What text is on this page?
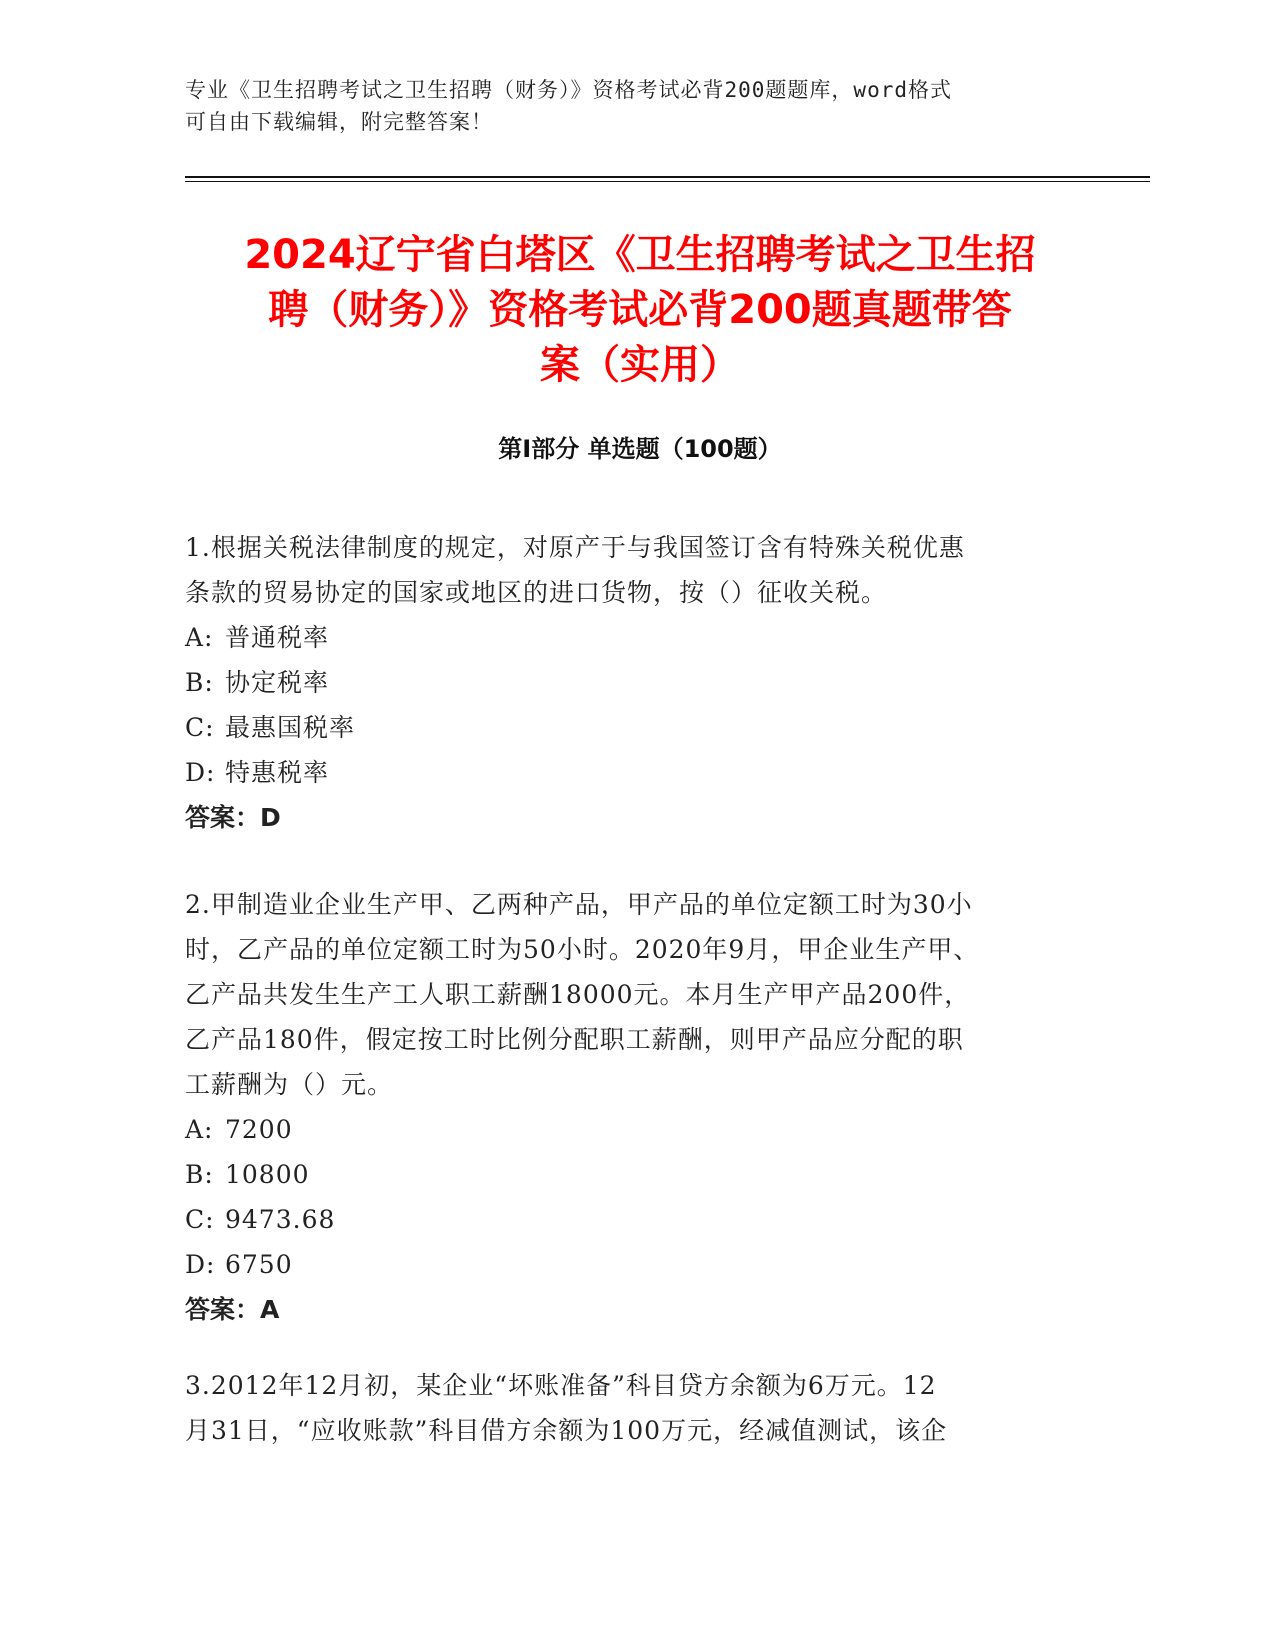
专业《卫生招聘考试之卫生招聘（财务）》资格考试必背200题题库，word格式
可自由下载编辑，附完整答案！
2024辽宁省白塔区《卫生招聘考试之卫生招
聘（财务）》资格考试必背200题真题带答
案（实用）
第I部分 单选题（100题）

1.根据关税法律制度的规定，对原产于与我国签订含有特殊关税优惠

条款的贸易协定的国家或地区的进口货物，按（）征收关税。

A: 普通税率

B: 协定税率

C: 最惠国税率

D: 特惠税率

答案：D

2.甲制造业企业生产甲、乙两种产品，甲产品的单位定额工时为30小

时，乙产品的单位定额工时为50小时。2020年9月，甲企业生产甲、

乙产品共发生生产工人职工薪酬18000元。本月生产甲产品200件，

乙产品180件，假定按工时比例分配职工薪酬，则甲产品应分配的职

工薪酬为（）元。

A: 7200

B: 10800

C: 9473.68

D: 6750

答案：A

3.2012年12月初，某企业“坏账准备”科目贷方余额为6万元。12

月31日，“应收账款”科目借方余额为100万元，经减值测试，该企
